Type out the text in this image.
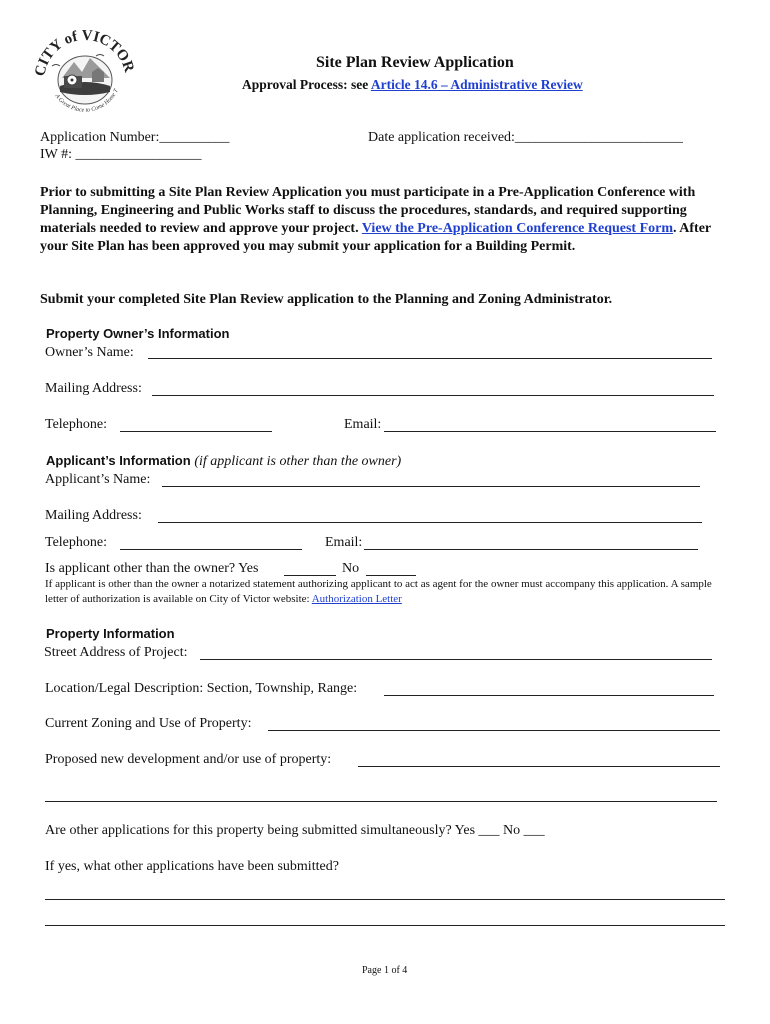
CITY of VICTOR
A Great Place to Come Home T
Site Plan Review Application
Approval Process: see Article 14.6 – Administrative Review
Application Number:__________
IW #: __________________
Date application received:________________________
Prior to submitting a Site Plan Review Application you must participate in a Pre-Application Conference with Planning, Engineering and Public Works staff to discuss the procedures, standards, and required supporting materials needed to review and approve your project. View the Pre-Application Conference Request Form. After your Site Plan has been approved you may submit your application for a Building Permit.
Submit your completed Site Plan Review application to the Planning and Zoning Administrator.
Property Owner’s Information
Owner’s Name:
Mailing Address:
Telephone:	Email:
Applicant’s Information (if applicant is other than the owner)
Applicant’s Name:
Mailing Address:
Telephone:	Email:
Is applicant other than the owner? Yes	No
If applicant is other than the owner a notarized statement authorizing applicant to act as agent for the owner must accompany this application. A sample letter of authorization is available on City of Victor website: Authorization Letter
Property Information
Street Address of Project:
Location/Legal Description: Section, Township, Range:
Current Zoning and Use of Property:
Proposed new development and/or use of property:
Are other applications for this property being submitted simultaneously? Yes ___ No ___
If yes, what other applications have been submitted?
Page 1 of 4
